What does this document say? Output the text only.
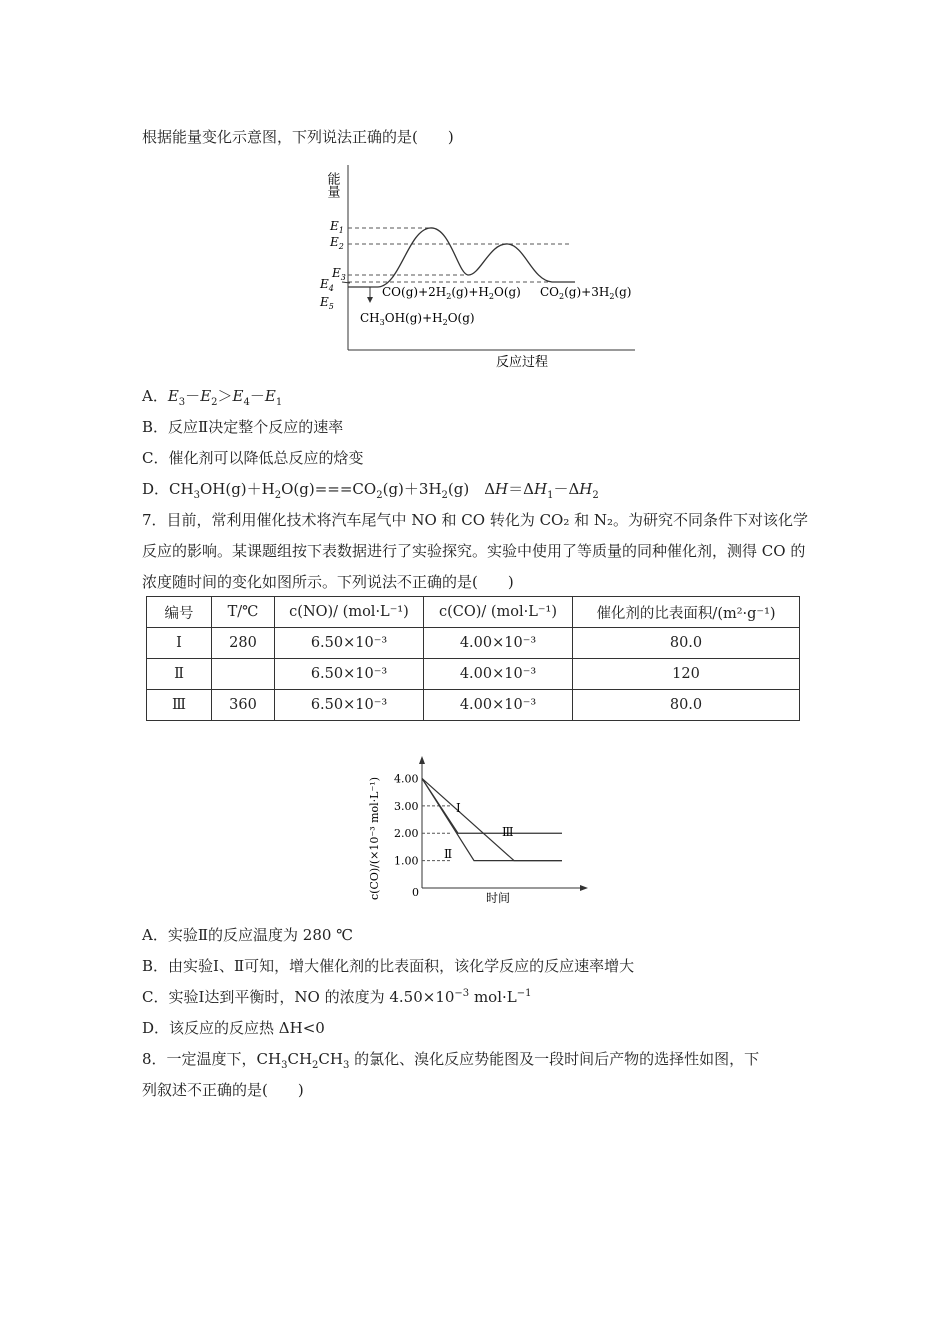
根据能量变化示意图，下列说法正确的是(　　)
能量
$E_1$
$E_2$
$E_3$
$E_4$
$E_5$
$CO(g)+2H_2(g)+H_2O(g)$ $CO_2(g)+3H_2(g)$
$CH_3OH(g)+H_2O(g)$
反应过程
A．$E_3-E_2>E_4-E_1$
B．反应Ⅱ决定整个反应的速率
C．催化剂可以降低总反应的焓变
D．$CH_3OH(g)+H_2O(g)===CO_2(g)+3H_2(g)$　$\Delta H=\Delta H_1-\Delta H_2$
7．目前，常利用催化技术将汽车尾气中 NO 和 CO 转化为 CO₂ 和 N₂。为研究不同条件下对该化学反应的影响。某课题组按下表数据进行了实验探究。实验中使用了等质量的同种催化剂，测得 CO 的浓度随时间的变化如图所示。下列说法不正确的是(　　)
编号	T/℃	c(NO)/ (mol·L⁻¹)	c(CO)/ (mol·L⁻¹)	催化剂的比表面积/(m²·g⁻¹)
Ⅰ	280	6.50×10⁻³	4.00×10⁻³	80.0
Ⅱ		6.50×10⁻³	4.00×10⁻³	120
Ⅲ	360	6.50×10⁻³	4.00×10⁻³	80.0
c(CO)/(×10⁻³ mol·L⁻¹)	时间
0
4.00
3.00
2.00
1.00
Ⅰ
Ⅱ
Ⅲ
A．实验Ⅱ的反应温度为 280 ℃
B．由实验Ⅰ、Ⅱ可知，增大催化剂的比表面积，该化学反应的反应速率增大
C．实验Ⅰ达到平衡时，NO 的浓度为 $4.50\times 10^{-3}$ $mol\cdot L^{-1}$
D．该反应的反应热 ΔH<0
8．一定温度下，$CH_3CH_2CH_3$ 的氯化、溴化反应势能图及一段时间后产物的选择性如图，下
列叙述不正确的是(　　)
